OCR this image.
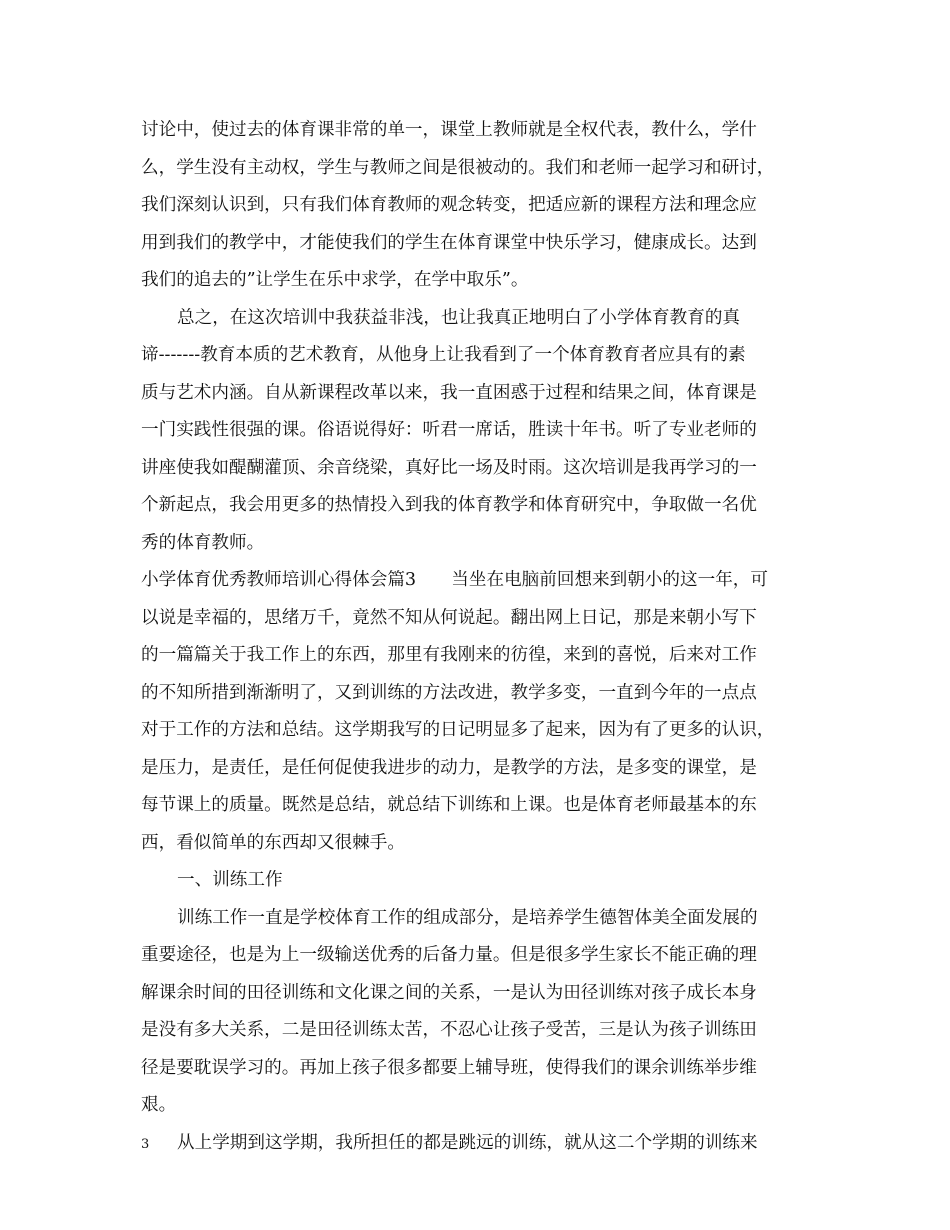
讨论中，使过去的体育课非常的单一，课堂上教师就是全权代表，教什么，学什
么，学生没有主动权，学生与教师之间是很被动的。我们和老师一起学习和研讨，
我们深刻认识到，只有我们体育教师的观念转变，把适应新的课程方法和理念应
用到我们的教学中，才能使我们的学生在体育课堂中快乐学习，健康成长。达到
我们的追去的”让学生在乐中求学，在学中取乐”。
总之，在这次培训中我获益非浅，也让我真正地明白了小学体育教育的真
谛-------教育本质的艺术教育，从他身上让我看到了一个体育教育者应具有的素
质与艺术内涵。自从新课程改革以来，我一直困惑于过程和结果之间，体育课是
一门实践性很强的课。俗语说得好：听君一席话，胜读十年书。听了专业老师的
讲座使我如醍醐灌顶、余音绕梁，真好比一场及时雨。这次培训是我再学习的一
个新起点，我会用更多的热情投入到我的体育教学和体育研究中，争取做一名优
秀的体育教师。
小学体育优秀教师培训心得体会篇3　　当坐在电脑前回想来到朝小的这一年，可
以说是幸福的，思绪万千，竟然不知从何说起。翻出网上日记，那是来朝小写下
的一篇篇关于我工作上的东西，那里有我刚来的彷徨，来到的喜悦，后来对工作
的不知所措到渐渐明了，又到训练的方法改进，教学多变，一直到今年的一点点
对于工作的方法和总结。这学期我写的日记明显多了起来，因为有了更多的认识，
是压力，是责任，是任何促使我进步的动力，是教学的方法，是多变的课堂，是
每节课上的质量。既然是总结，就总结下训练和上课。也是体育老师最基本的东
西，看似简单的东西却又很棘手。
一、训练工作
训练工作一直是学校体育工作的组成部分，是培养学生德智体美全面发展的
重要途径，也是为上一级输送优秀的后备力量。但是很多学生家长不能正确的理
解课余时间的田径训练和文化课之间的关系，一是认为田径训练对孩子成长本身
是没有多大关系，二是田径训练太苦，不忍心让孩子受苦，三是认为孩子训练田
径是要耽误学习的。再加上孩子很多都要上辅导班，使得我们的课余训练举步维
艰。
从上学期到这学期，我所担任的都是跳远的训练，就从这二个学期的训练来
3
